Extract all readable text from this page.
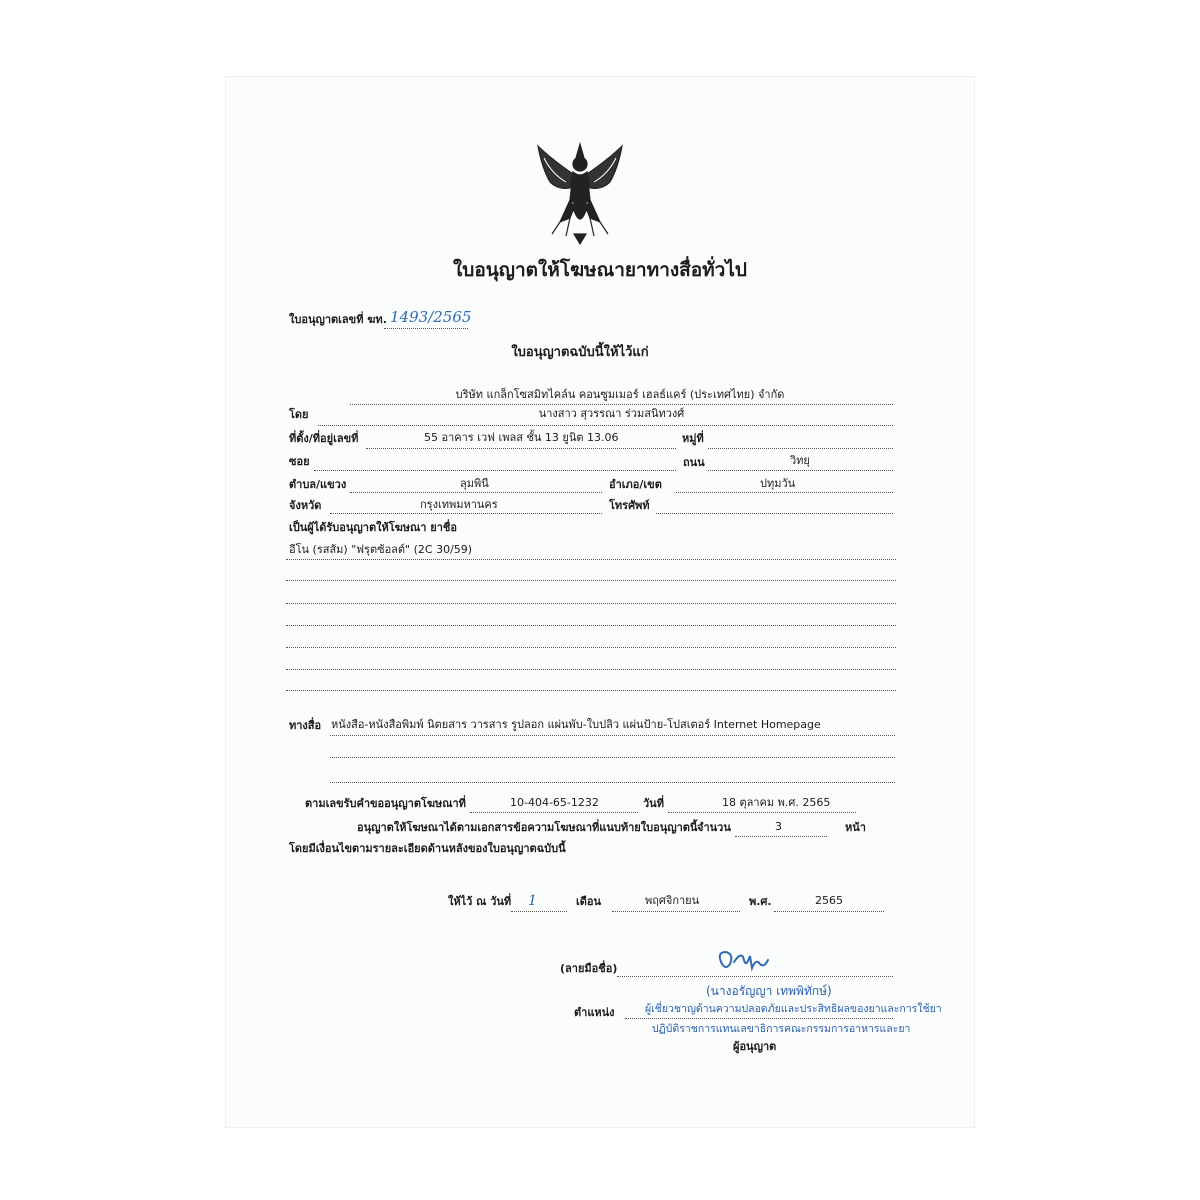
ใบอนุญาตให้โฆษณายาทางสื่อทั่วไป
ใบอนุญาตเลขที่ ฆท. 1493/2565
ใบอนุญาตฉบับนี้ให้ไว้แก่
บริษัท แกล็กโซสมิทไคล์น คอนซูมเมอร์ เฮลธ์แคร์ (ประเทศไทย) จำกัด
โดย	นางสาว สุวรรณา ร่วมสนิทวงศ์
ที่ตั้ง/ที่อยู่เลขที่	55 อาคาร เวฟ เพลส ชั้น 13 ยูนิต 13.06	หมู่ที่
ซอย	ถนน	วิทยุ
ตำบล/แขวง	ลุมพินี	อำเภอ/เขต	ปทุมวัน
จังหวัด	กรุงเทพมหานคร	โทรศัพท์
เป็นผู้ได้รับอนุญาตให้โฆษณา ยาชื่อ
อีโน (รสส้ม) "ฟรุตซ้อลต์" (2C 30/59)
ทางสื่อ หนังสือ-หนังสือพิมพ์ นิตยสาร วารสาร รูปลอก แผ่นพับ-ใบปลิว แผ่นป้าย-โปสเตอร์ Internet Homepage
ตามเลขรับคำขออนุญาตโฆษณาที่	10-404-65-1232	วันที่	18 ตุลาคม พ.ศ. 2565
อนุญาตให้โฆษณาได้ตามเอกสารข้อความโฆษณาที่แนบท้ายใบอนุญาตนี้ จำนวน	3	หน้า
โดยมีเงื่อนไขตามรายละเอียดด้านหลังของใบอนุญาตฉบับนี้
ให้ไว้ ณ วันที่ 1	เดือน	พฤศจิกายน	พ.ศ.	2565
(ลายมือชื่อ)
(นางอรัญญา เทพพิทักษ์)
ตำแหน่ง	ผู้เชี่ยวชาญด้านความปลอดภัยและประสิทธิผลของยาและการใช้ยา
ปฏิบัติราชการแทนเลขาธิการคณะกรรมการอาหารและยา
ผู้อนุญาต
